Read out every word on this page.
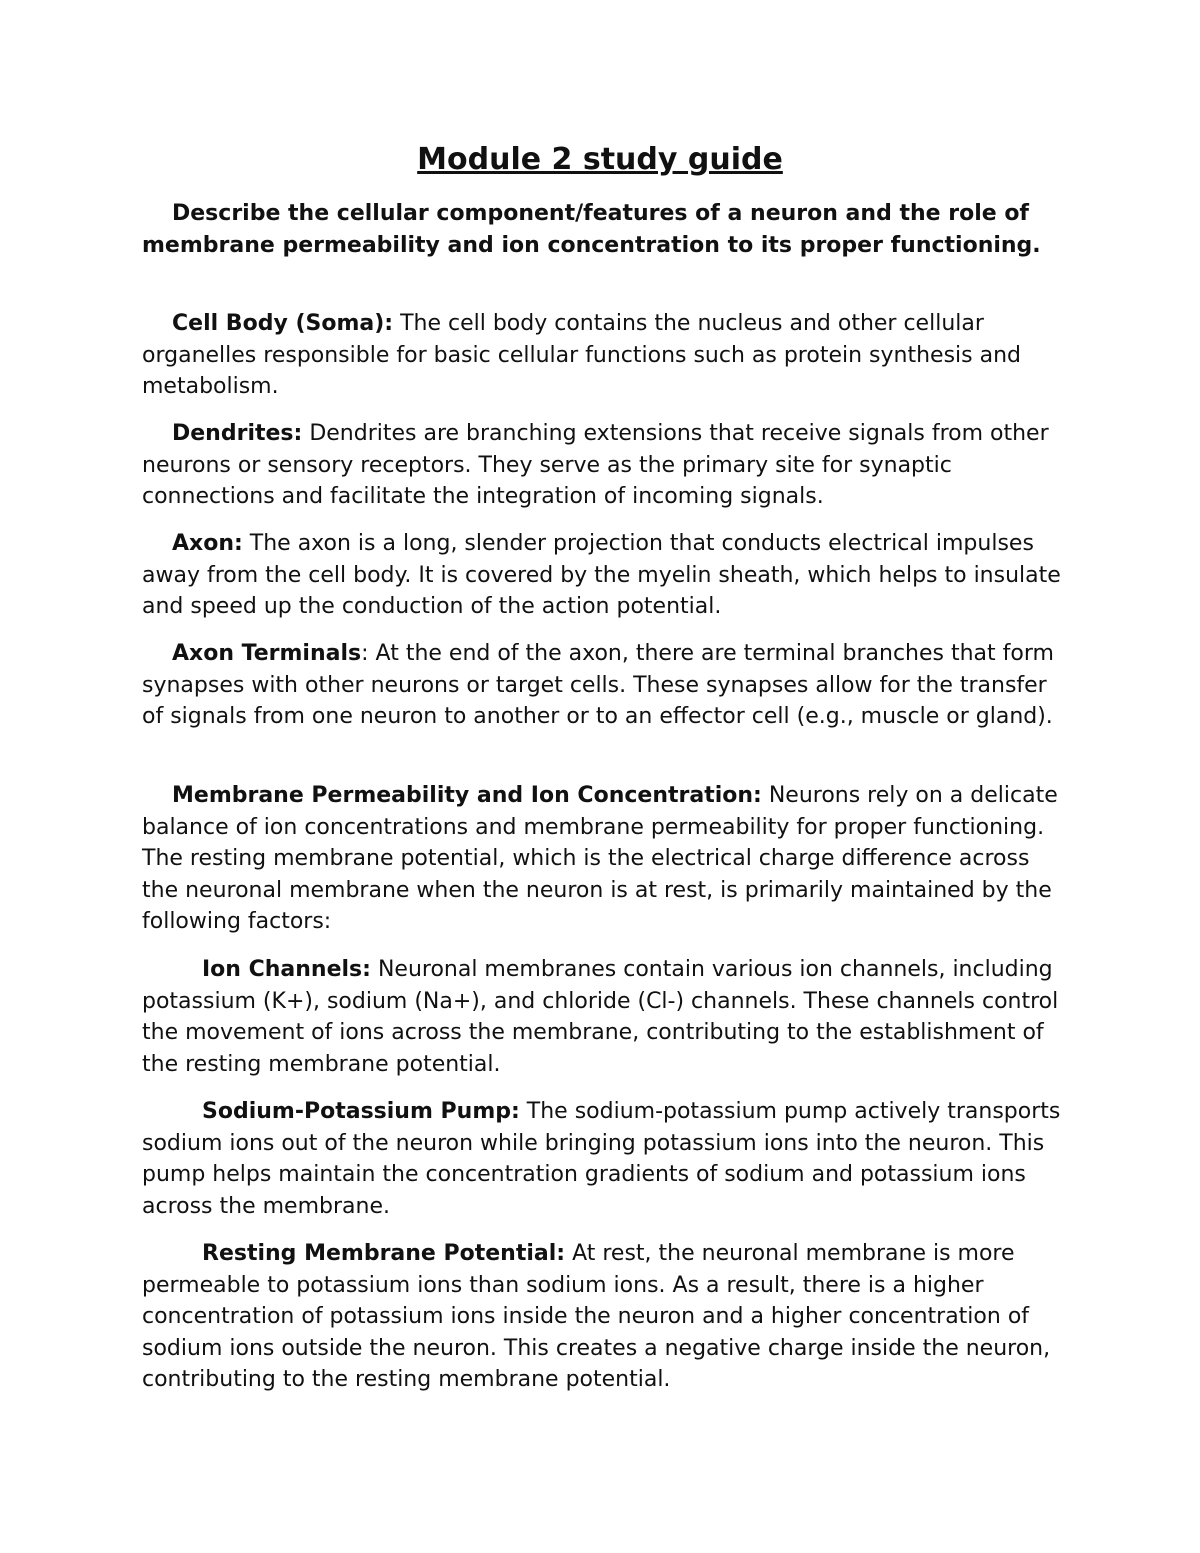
Module 2 study guide

Describe the cellular component/features of a neuron and the role of membrane permeability and ion concentration to its proper functioning.

Cell Body (Soma): The cell body contains the nucleus and other cellular organelles responsible for basic cellular functions such as protein synthesis and metabolism.

Dendrites: Dendrites are branching extensions that receive signals from other neurons or sensory receptors. They serve as the primary site for synaptic connections and facilitate the integration of incoming signals.

Axon: The axon is a long, slender projection that conducts electrical impulses away from the cell body. It is covered by the myelin sheath, which helps to insulate and speed up the conduction of the action potential.

Axon Terminals: At the end of the axon, there are terminal branches that form synapses with other neurons or target cells. These synapses allow for the transfer of signals from one neuron to another or to an effector cell (e.g., muscle or gland).

Membrane Permeability and Ion Concentration: Neurons rely on a delicate balance of ion concentrations and membrane permeability for proper functioning. The resting membrane potential, which is the electrical charge difference across the neuronal membrane when the neuron is at rest, is primarily maintained by the following factors:

Ion Channels: Neuronal membranes contain various ion channels, including potassium (K+), sodium (Na+), and chloride (Cl-) channels. These channels control the movement of ions across the membrane, contributing to the establishment of the resting membrane potential.

Sodium-Potassium Pump: The sodium-potassium pump actively transports sodium ions out of the neuron while bringing potassium ions into the neuron. This pump helps maintain the concentration gradients of sodium and potassium ions across the membrane.

Resting Membrane Potential: At rest, the neuronal membrane is more permeable to potassium ions than sodium ions. As a result, there is a higher concentration of potassium ions inside the neuron and a higher concentration of sodium ions outside the neuron. This creates a negative charge inside the neuron, contributing to the resting membrane potential.
